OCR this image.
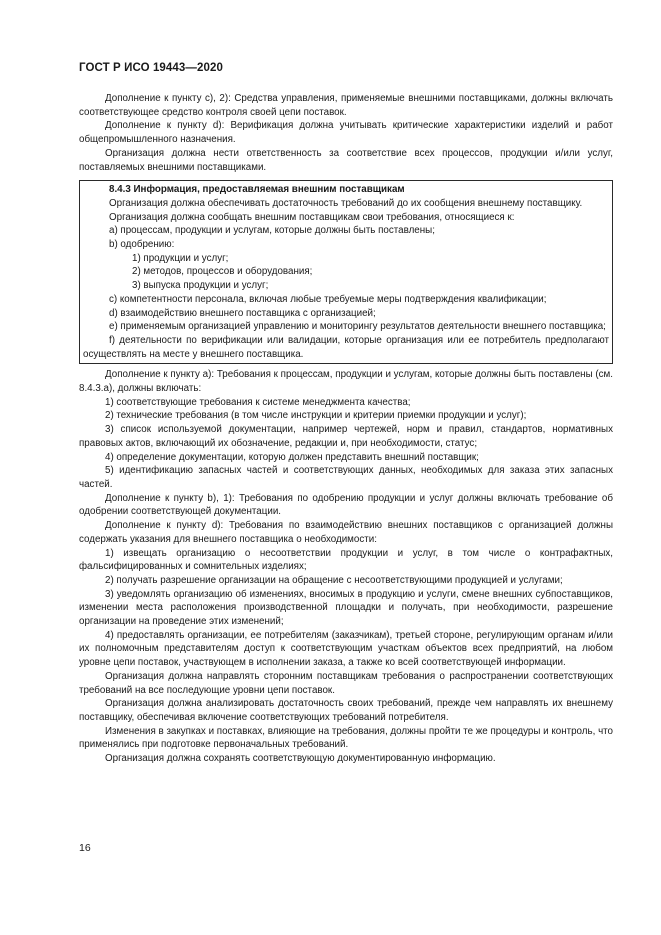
ГОСТ Р ИСО 19443—2020

Дополнение к пункту с), 2): Средства управления, применяемые внешними поставщиками, должны включать соответствующее средство контроля своей цепи поставок.

Дополнение к пункту d): Верификация должна учитывать критические характеристики изделий и работ общепромышленного назначения.

Организация должна нести ответственность за соответствие всех процессов, продукции и/или услуг, поставляемых внешними поставщиками.

8.4.3 Информация, предоставляемая внешним поставщикам

Организация должна обеспечивать достаточность требований до их сообщения внешнему поставщику.

Организация должна сообщать внешним поставщикам свои требования, относящиеся к:

а) процессам, продукции и услугам, которые должны быть поставлены;

b) одобрению:

1) продукции и услуг;

2) методов, процессов и оборудования;

3) выпуска продукции и услуг;

с) компетентности персонала, включая любые требуемые меры подтверждения квалификации;

d) взаимодействию внешнего поставщика с организацией;

е) применяемым организацией управлению и мониторингу результатов деятельности внешнего поставщика;

f) деятельности по верификации или валидации, которые организация или ее потребитель предполагают осуществлять на месте у внешнего поставщика.

Дополнение к пункту а): Требования к процессам, продукции и услугам, которые должны быть поставлены (см. 8.4.3.а), должны включать:

1) соответствующие требования к системе менеджмента качества;

2) технические требования (в том числе инструкции и критерии приемки продукции и услуг);

3) список используемой документации, например чертежей, норм и правил, стандартов, нормативных правовых актов, включающий их обозначение, редакции и, при необходимости, статус;

4) определение документации, которую должен представить внешний поставщик;

5) идентификацию запасных частей и соответствующих данных, необходимых для заказа этих запасных частей.

Дополнение к пункту b), 1): Требования по одобрению продукции и услуг должны включать требование об одобрении соответствующей документации.

Дополнение к пункту d): Требования по взаимодействию внешних поставщиков с организацией должны содержать указания для внешнего поставщика о необходимости:

1) извещать организацию о несоответствии продукции и услуг, в том числе о контрафактных, фальсифицированных и сомнительных изделиях;

2) получать разрешение организации на обращение с несоответствующими продукцией и услугами;

3) уведомлять организацию об изменениях, вносимых в продукцию и услуги, смене внешних субпоставщиков, изменении места расположения производственной площадки и получать, при необходимости, разрешение организации на проведение этих изменений;

4) предоставлять организации, ее потребителям (заказчикам), третьей стороне, регулирующим органам и/или их полномочным представителям доступ к соответствующим участкам объектов всех предприятий, на любом уровне цепи поставок, участвующем в исполнении заказа, а также ко всей соответствующей информации.

Организация должна направлять сторонним поставщикам требования о распространении соответствующих требований на все последующие уровни цепи поставок.

Организация должна анализировать достаточность своих требований, прежде чем направлять их внешнему поставщику, обеспечивая включение соответствующих требований потребителя.

Изменения в закупках и поставках, влияющие на требования, должны пройти те же процедуры и контроль, что применялись при подготовке первоначальных требований.

Организация должна сохранять соответствующую документированную информацию.

16
